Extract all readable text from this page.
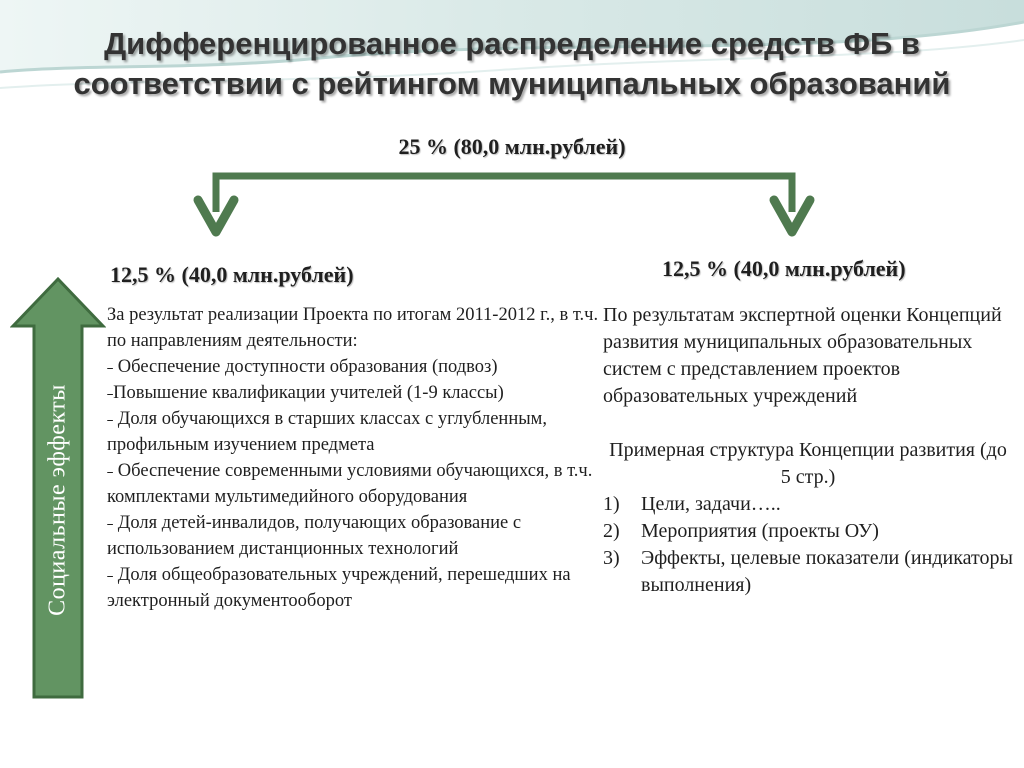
Дифференцированное распределение средств ФБ в
соответствии с рейтингом муниципальных образований
25 % (80,0 млн.рублей)
12,5 % (40,0 млн.рублей)	12,5 % (40,0 млн.рублей)
Социальные эффекты

За результат реализации Проекта по итогам 2011-2012 г., в т.ч. по направлениям деятельности:

˗ Обеспечение доступности образования (подвоз)

˗Повышение квалификации учителей (1-9 классы)

˗ Доля обучающихся в старших классах с углубленным, профильным изучением предмета

˗ Обеспечение современными условиями обучающихся, в т.ч. комплектами мультимедийного оборудования

˗ Доля детей-инвалидов, получающих образование с использованием дистанционных технологий

˗ Доля общеобразовательных учреждений, перешедших на электронный документооборот

По результатам экспертной оценки Концепций развития муниципальных образовательных систем с представлением проектов образовательных учреждений

Примерная структура Концепции развития (до 5 стр.)

1)	Цели, задачи…..
2)	Мероприятия (проекты ОУ)
3)	Эффекты, целевые показатели (индикаторы выполнения)
